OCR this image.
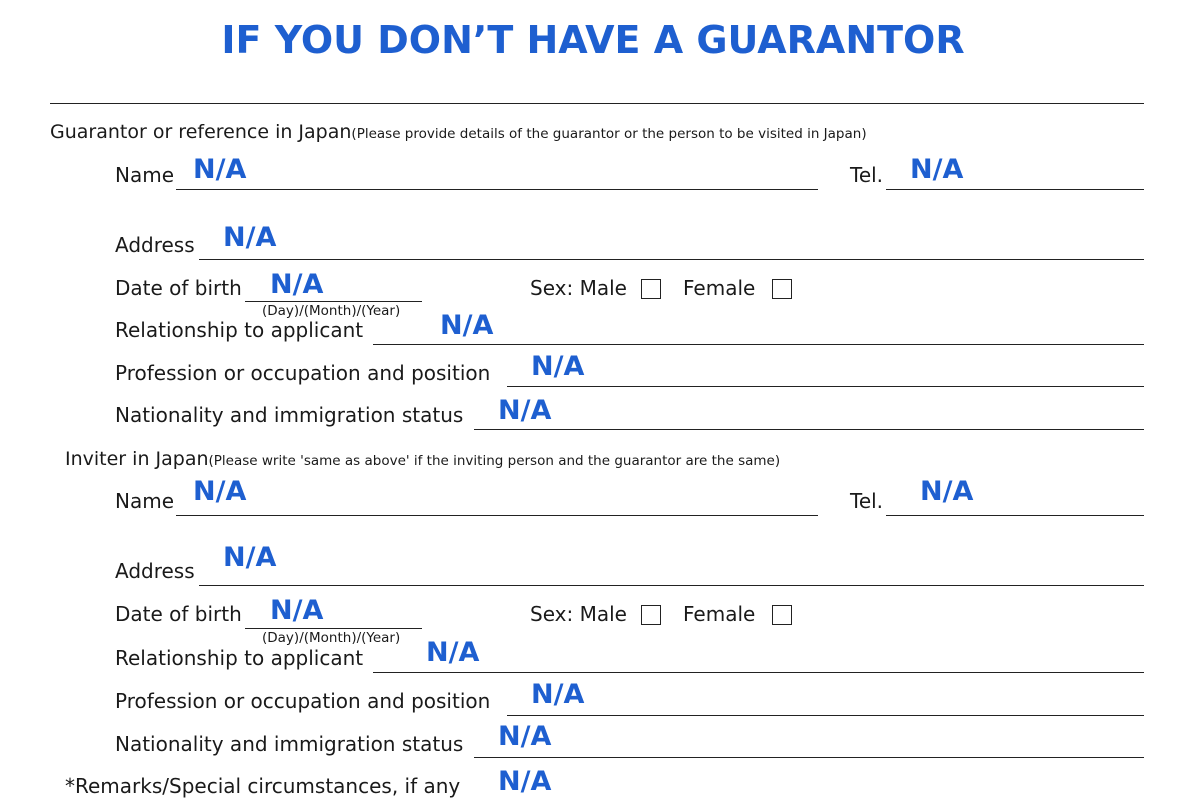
IF YOU DON’T HAVE A GUARANTOR
Guarantor or reference in Japan(Please provide details of the guarantor or the person to be visited in Japan)
Name N/A	Tel. N/A
Address N/A
Date of birth N/A
(Day)/(Month)/(Year)
Sex: Male	Female
Relationship to applicant	N/A
Profession or occupation and position N/A
Nationality and immigration status N/A
Inviter in Japan(Please write 'same as above' if the inviting person and the guarantor are the same)
Name N/A	Tel. N/A
Address N/A
Date of birth N/A
(Day)/(Month)/(Year)
Sex: Male	Female
Relationship to applicant N/A
Profession or occupation and position N/A
Nationality and immigration status N/A
*Remarks/Special circumstances, if any N/A
